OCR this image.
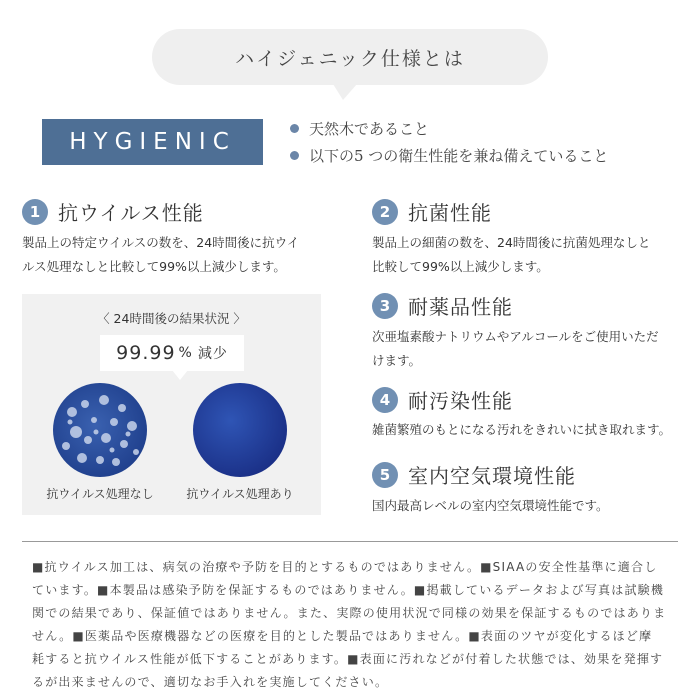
ハイジェニック仕様とは
HYGIENIC	天然木であること
以下の5 つの衛生性能を兼ね備えていること
1 抗ウイルス性能
製品上の特定ウイルスの数を、24時間後に抗ウイ
ルス処理なしと比較して99%以上減少します。
〈 24時間後の結果状況 〉
99.99 % 減少
抗ウイルス処理なし	抗ウイルス処理あり
2 抗菌性能
製品上の細菌の数を、24時間後に抗菌処理なしと
比較して99%以上減少します。
3 耐薬品性能
次亜塩素酸ナトリウムやアルコールをご使用いただ
けます。
4 耐汚染性能
雑菌繁殖のもとになる汚れをきれいに拭き取れます。
5 室内空気環境性能
国内最高レベルの室内空気環境性能です。
■抗ウイルス加工は、病気の治療や予防を目的とするものではありません。■SIAAの安全性基準に適合し
ています。■本製品は感染予防を保証するものではありません。■掲載しているデータおよび写真は試験機
関での結果であり、保証値ではありません。また、実際の使用状況で同様の効果を保証するものではありま
せん。■医薬品や医療機器などの医療を目的とした製品ではありません。■表面のツヤが変化するほど摩
耗すると抗ウイルス性能が低下することがあります。■表面に汚れなどが付着した状態では、効果を発揮す
るが出来ませんので、適切なお手入れを実施してください。
